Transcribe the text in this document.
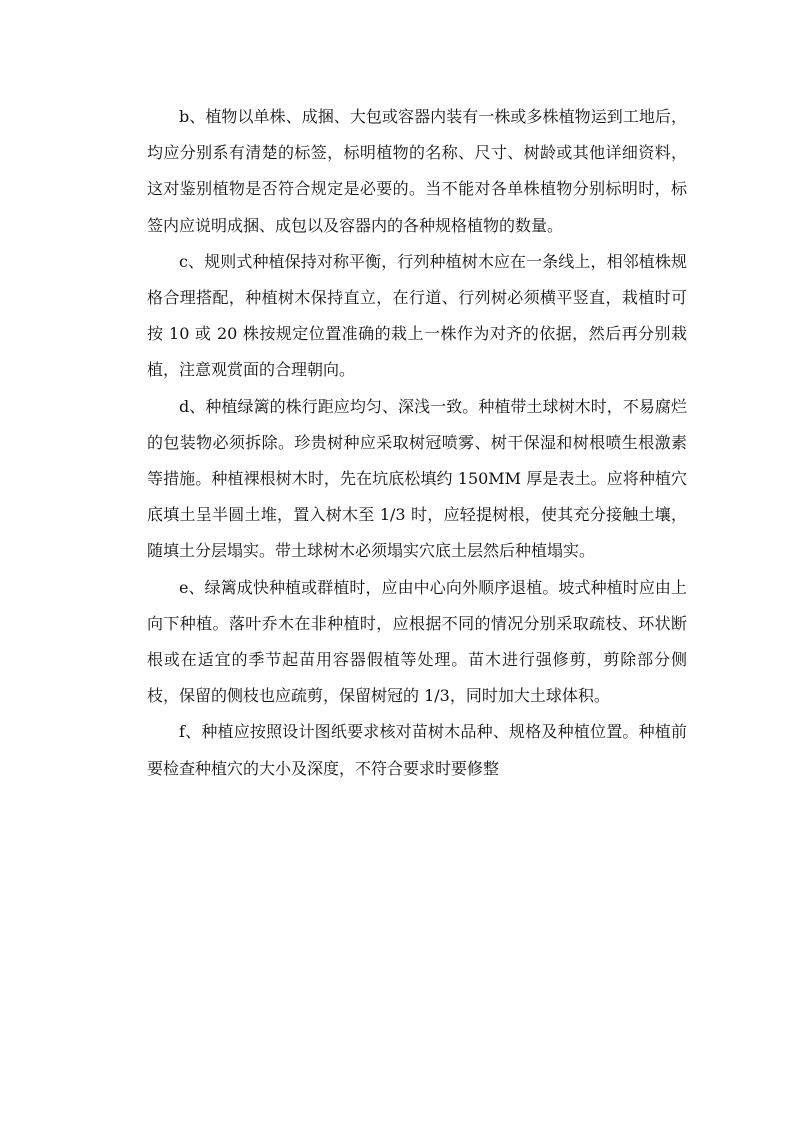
b、植物以单株、成捆、大包或容器内装有一株或多株植物运到工地后，均应分别系有清楚的标签，标明植物的名称、尺寸、树龄或其他详细资料，这对鉴别植物是否符合规定是必要的。当不能对各单株植物分别标明时，标签内应说明成捆、成包以及容器内的各种规格植物的数量。

c、规则式种植保持对称平衡，行列种植树木应在一条线上，相邻植株规格合理搭配，种植树木保持直立，在行道、行列树必须横平竖直，栽植时可按 10 或 20 株按规定位置准确的栽上一株作为对齐的依据，然后再分别栽植，注意观赏面的合理朝向。

d、种植绿篱的株行距应均匀、深浅一致。种植带土球树木时，不易腐烂的包装物必须拆除。珍贵树种应采取树冠喷雾、树干保湿和树根喷生根激素等措施。种植裸根树木时，先在坑底松填约 150MM 厚是表土。应将种植穴底填土呈半圆土堆，置入树木至 1/3 时，应轻提树根，使其充分接触土壤，随填土分层塌实。带土球树木必须塌实穴底土层然后种植塌实。

e、绿篱成快种植或群植时，应由中心向外顺序退植。坡式种植时应由上向下种植。落叶乔木在非种植时，应根据不同的情况分别采取疏枝、环状断根或在适宜的季节起苗用容器假植等处理。苗木进行强修剪，剪除部分侧枝，保留的侧枝也应疏剪，保留树冠的 1/3，同时加大土球体积。

f、种植应按照设计图纸要求核对苗树木品种、规格及种植位置。种植前要检查种植穴的大小及深度，不符合要求时要修整
